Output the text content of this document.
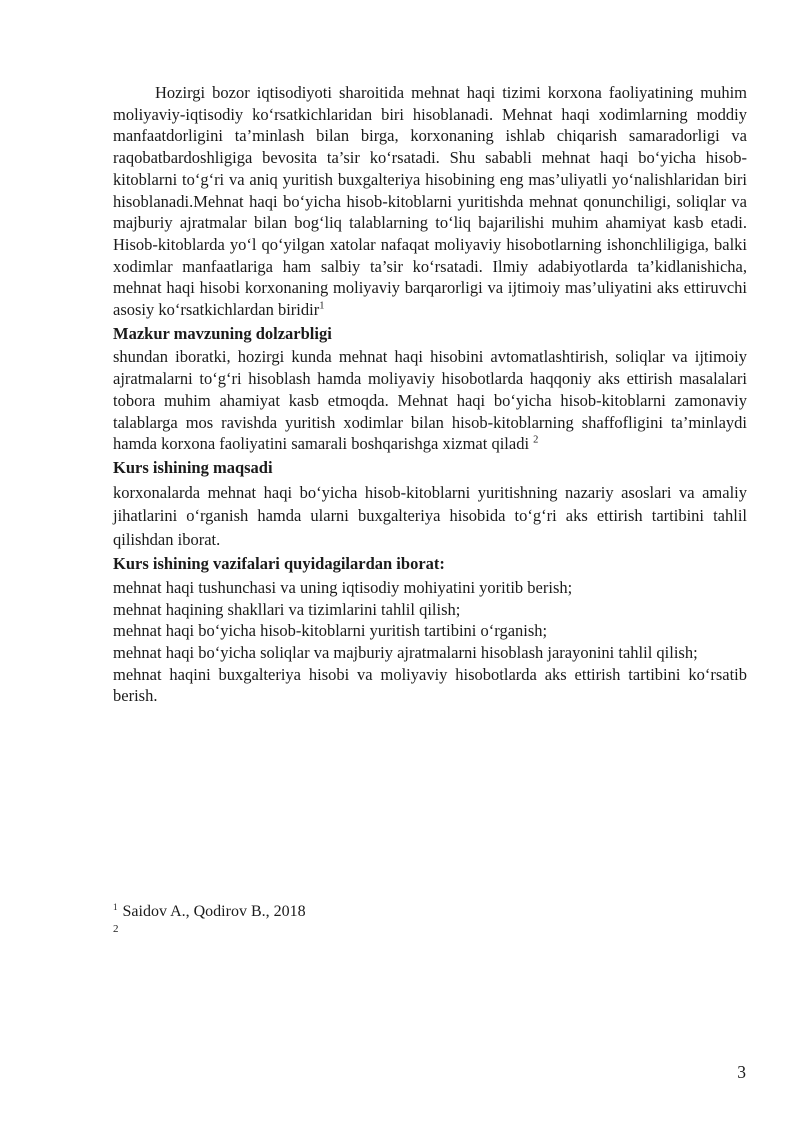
Hozirgi bozor iqtisodiyoti sharoitida mehnat haqi tizimi korxona faoliyatining muhim moliyaviy-iqtisodiy ko‘rsatkichlaridan biri hisoblanadi. Mehnat haqi xodimlarning moddiy manfaatdorligini ta’minlash bilan birga, korxonaning ishlab chiqarish samaradorligi va raqobatbardoshligiga bevosita ta’sir ko‘rsatadi. Shu sababli mehnat haqi bo‘yicha hisob-kitoblarni to‘g‘ri va aniq yuritish buxgalteriya hisobining eng mas’uliyatli yo‘nalishlaridan biri hisoblanadi.Mehnat haqi bo‘yicha hisob-kitoblarni yuritishda mehnat qonunchiligi, soliqlar va majburiy ajratmalar bilan bog‘liq talablarning to‘liq bajarilishi muhim ahamiyat kasb etadi. Hisob-kitoblarda yo‘l qo‘yilgan xatolar nafaqat moliyaviy hisobotlarning ishonchliligiga, balki xodimlar manfaatlariga ham salbiy ta’sir ko‘rsatadi. Ilmiy adabiyotlarda ta’kidlanishicha, mehnat haqi hisobi korxonaning moliyaviy barqarorligi va ijtimoiy mas’uliyatini aks ettiruvchi asosiy ko‘rsatkichlardan biridir$^1$

Mazkur mavzuning dolzarbligi

shundan iboratki, hozirgi kunda mehnat haqi hisobini avtomatlashtirish, soliqlar va ijtimoiy ajratmalarni to‘g‘ri hisoblash hamda moliyaviy hisobotlarda haqqoniy aks ettirish masalalari tobora muhim ahamiyat kasb etmoqda. Mehnat haqi bo‘yicha hisob-kitoblarni zamonaviy talablarga mos ravishda yuritish xodimlar bilan hisob-kitoblarning shaffofligini ta’minlaydi hamda korxona faoliyatini samarali boshqarishga xizmat qiladi $^2$

Kurs ishining maqsadi

korxonalarda mehnat haqi bo‘yicha hisob-kitoblarni yuritishning nazariy asoslari va amaliy jihatlarini o‘rganish hamda ularni buxgalteriya hisobida to‘g‘ri aks ettirish tartibini tahlil qilishdan iborat.

Kurs ishining vazifalari quyidagilardan iborat:

mehnat haqi tushunchasi va uning iqtisodiy mohiyatini yoritib berish;

mehnat haqining shakllari va tizimlarini tahlil qilish;

mehnat haqi bo‘yicha hisob-kitoblarni yuritish tartibini o‘rganish;

mehnat haqi bo‘yicha soliqlar va majburiy ajratmalarni hisoblash jarayonini tahlil qilish;

mehnat haqini buxgalteriya hisobi va moliyaviy hisobotlarda aks ettirish tartibini ko‘rsatib berish.

$^1$ Saidov A., Qodirov B., 2018

2

3
